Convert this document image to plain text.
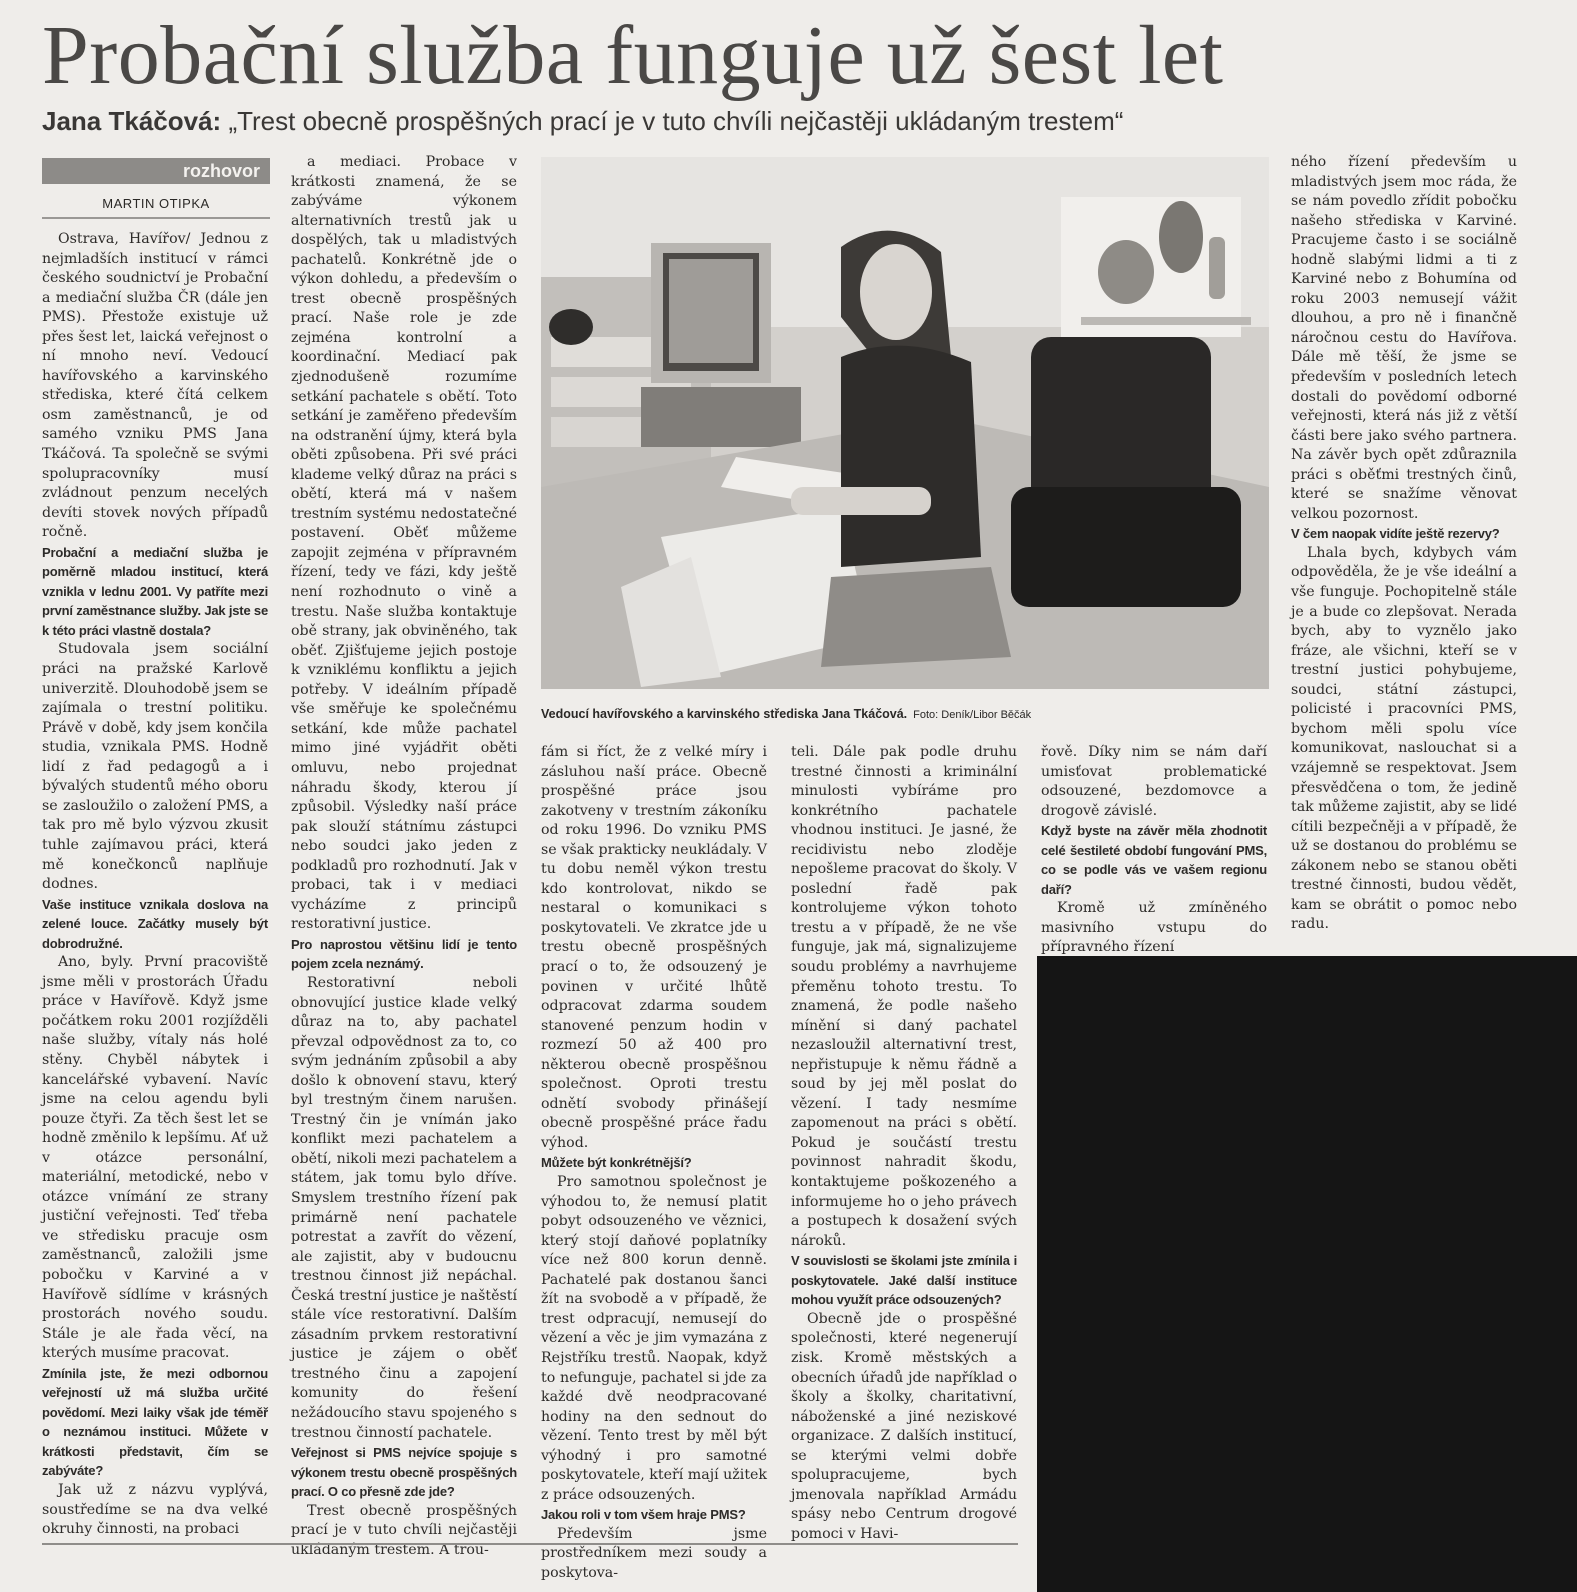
Probační služba funguje už šest let
Jana Tkáčová: „Trest obecně prospěšných prací je v tuto chvíli nejčastěji ukládaným trestem“
rozhovor
MARTIN OTIPKA

Ostrava, Havířov/ Jednou z nejmladších institucí v rámci českého soudnictví je Probační a mediační služba ČR (dále jen PMS). Přestože existuje už přes šest let, laická veřejnost o ní mnoho neví. Vedoucí havířovského a karvinského střediska, které čítá celkem osm zaměstnanců, je od samého vzniku PMS Jana Tkáčová. Ta společně se svými spolupracovníky musí zvládnout penzum necelých devíti stovek nových případů ročně.

Probační a mediační služba je poměrně mladou institucí, která vznikla v lednu 2001. Vy patříte mezi první zaměstnance služby. Jak jste se k této práci vlastně dostala?

Studovala jsem sociální práci na pražské Karlově univerzitě. Dlouhodobě jsem se zajímala o trestní politiku. Právě v době, kdy jsem končila studia, vznikala PMS. Hodně lidí z řad pedagogů a i bývalých studentů mého oboru se zasloužilo o založení PMS, a tak pro mě bylo výzvou zkusit tuhle zajímavou práci, která mě konečkonců naplňuje dodnes.

Vaše instituce vznikala doslova na zelené louce. Začátky musely být dobrodružné.

Ano, byly. První pracoviště jsme měli v prostorách Úřadu práce v Havířově. Když jsme počátkem roku 2001 rozjížděli naše služby, vítaly nás holé stěny. Chyběl nábytek i kancelářské vybavení. Navíc jsme na celou agendu byli pouze čtyři. Za těch šest let se hodně změnilo k lepšímu. Ať už v otázce personální, materiální, metodické, nebo v otázce vnímání ze strany justiční veřejnosti. Teď třeba ve středisku pracuje osm zaměstnanců, založili jsme pobočku v Karviné a v Havířově sídlíme v krásných prostorách nového soudu. Stále je ale řada věcí, na kterých musíme pracovat.

Zmínila jste, že mezi odbornou veřejností už má služba určité povědomí. Mezi laiky však jde téměř o neznámou instituci. Můžete v krátkosti představit, čím se zabýváte?

Jak už z názvu vyplývá, soustředíme se na dva velké okruhy činnosti, na probaci

a mediaci. Probace v krátkosti znamená, že se zabýváme výkonem alternativních trestů jak u dospělých, tak u mladistvých pachatelů. Konkrétně jde o výkon dohledu, a především o trest obecně prospěšných prací. Naše role je zde zejména kontrolní a koordinační. Mediací pak zjednodušeně rozumíme setkání pachatele s obětí. Toto setkání je zaměřeno především na odstranění újmy, která byla oběti způsobena. Při své práci klademe velký důraz na práci s obětí, která má v našem trestním systému nedostatečné postavení. Oběť můžeme zapojit zejména v přípravném řízení, tedy ve fázi, kdy ještě není rozhodnuto o vině a trestu. Naše služba kontaktuje obě strany, jak obviněného, tak oběť. Zjišťujeme jejich postoje k vzniklému konfliktu a jejich potřeby. V ideálním případě vše směřuje ke společnému setkání, kde může pachatel mimo jiné vyjádřit oběti omluvu, nebo projednat náhradu škody, kterou jí způsobil. Výsledky naší práce pak slouží státnímu zástupci nebo soudci jako jeden z podkladů pro rozhodnutí. Jak v probaci, tak i v mediaci vycházíme z principů restorativní justice.

Pro naprostou většinu lidí je tento pojem zcela neznámý.

Restorativní neboli obnovující justice klade velký důraz na to, aby pachatel převzal odpovědnost za to, co svým jednáním způsobil a aby došlo k obnovení stavu, který byl trestným činem narušen. Trestný čin je vnímán jako konflikt mezi pachatelem a obětí, nikoli mezi pachatelem a státem, jak tomu bylo dříve. Smyslem trestního řízení pak primárně není pachatele potrestat a zavřít do vězení, ale zajistit, aby v budoucnu trestnou činnost již nepáchal. Česká trestní justice je naštěstí stále více restorativní. Dalším zásadním prvkem restorativní justice je zájem o oběť trestného činu a zapojení komunity do řešení nežádoucího stavu spojeného s trestnou činností pachatele.

Veřejnost si PMS nejvíce spojuje s výkonem trestu obecně prospěšných prací. O co přesně zde jde?

Trest obecně prospěšných prací je v tuto chvíli nejčastěji ukládaným trestem. A trou-

Vedoucí havířovského a karvinského střediska Jana Tkáčová. Foto: Deník/Libor Běčák

fám si říct, že z velké míry i zásluhou naší práce. Obecně prospěšné práce jsou zakotveny v trestním zákoníku od roku 1996. Do vzniku PMS se však prakticky neukládaly. V tu dobu neměl výkon trestu kdo kontrolovat, nikdo se nestaral o komunikaci s poskytovateli. Ve zkratce jde u trestu obecně prospěšných prací o to, že odsouzený je povinen v určité lhůtě odpracovat zdarma soudem stanovené penzum hodin v rozmezí 50 až 400 pro některou obecně prospěšnou společnost. Oproti trestu odnětí svobody přinášejí obecně prospěšné práce řadu výhod.

Můžete být konkrétnější?

Pro samotnou společnost je výhodou to, že nemusí platit pobyt odsouzeného ve věznici, který stojí daňové poplatníky více než 800 korun denně. Pachatelé pak dostanou šanci žít na svobodě a v případě, že trest odpracují, nemusejí do vězení a věc je jim vymazána z Rejstříku trestů. Naopak, když to nefunguje, pachatel si jde za každé dvě neodpracované hodiny na den sednout do vězení. Tento trest by měl být výhodný i pro samotné poskytovatele, kteří mají užitek z práce odsouzených.

Jakou roli v tom všem hraje PMS?

Především jsme prostředníkem mezi soudy a poskytova-

teli. Dále pak podle druhu trestné činnosti a kriminální minulosti vybíráme pro konkrétního pachatele vhodnou instituci. Je jasné, že recidivistu nebo zloděje nepošleme pracovat do školy. V poslední řadě pak kontrolujeme výkon tohoto trestu a v případě, že ne vše funguje, jak má, signalizujeme soudu problémy a navrhujeme přeměnu tohoto trestu. To znamená, že podle našeho mínění si daný pachatel nezasloužil alternativní trest, nepřistupuje k němu řádně a soud by jej měl poslat do vězení. I tady nesmíme zapomenout na práci s obětí. Pokud je součástí trestu povinnost nahradit škodu, kontaktujeme poškozeného a informujeme ho o jeho právech a postupech k dosažení svých nároků.

V souvislosti se školami jste zmínila i poskytovatele. Jaké další instituce mohou využít práce odsouzených?

Obecně jde o prospěšné společnosti, které negenerují zisk. Kromě městských a obecních úřadů jde například o školy a školky, charitativní, náboženské a jiné neziskové organizace. Z dalších institucí, se kterými velmi dobře spolupracujeme, bych jmenovala například Armádu spásy nebo Centrum drogové pomoci v Havi-

řově. Díky nim se nám daří umisťovat problematické odsouzené, bezdomovce a drogově závislé.

Když byste na závěr měla zhodnotit celé šestileté období fungování PMS, co se podle vás ve vašem regionu daří?

Kromě už zmíněného masivního vstupu do přípravného řízení

ného řízení především u mladistvých jsem moc ráda, že se nám povedlo zřídit pobočku našeho střediska v Karviné. Pracujeme často i se sociálně hodně slabými lidmi a ti z Karviné nebo z Bohumína od roku 2003 nemusejí vážit dlouhou, a pro ně i finančně náročnou cestu do Havířova. Dále mě těší, že jsme se především v posledních letech dostali do povědomí odborné veřejnosti, která nás již z větší části bere jako svého partnera. Na závěr bych opět zdůraznila práci s oběťmi trestných činů, které se snažíme věnovat velkou pozornost.

V čem naopak vidíte ještě rezervy?

Lhala bych, kdybych vám odpověděla, že je vše ideální a vše funguje. Pochopitelně stále je a bude co zlepšovat. Nerada bych, aby to vyznělo jako fráze, ale všichni, kteří se v trestní justici pohybujeme, soudci, státní zástupci, policisté i pracovníci PMS, bychom měli spolu více komunikovat, naslouchat si a vzájemně se respektovat. Jsem přesvědčena o tom, že jedině tak můžeme zajistit, aby se lidé cítili bezpečněji a v případě, že už se dostanou do problému se zákonem nebo se stanou oběti trestné činnosti, budou vědět, kam se obrátit o pomoc nebo radu.
